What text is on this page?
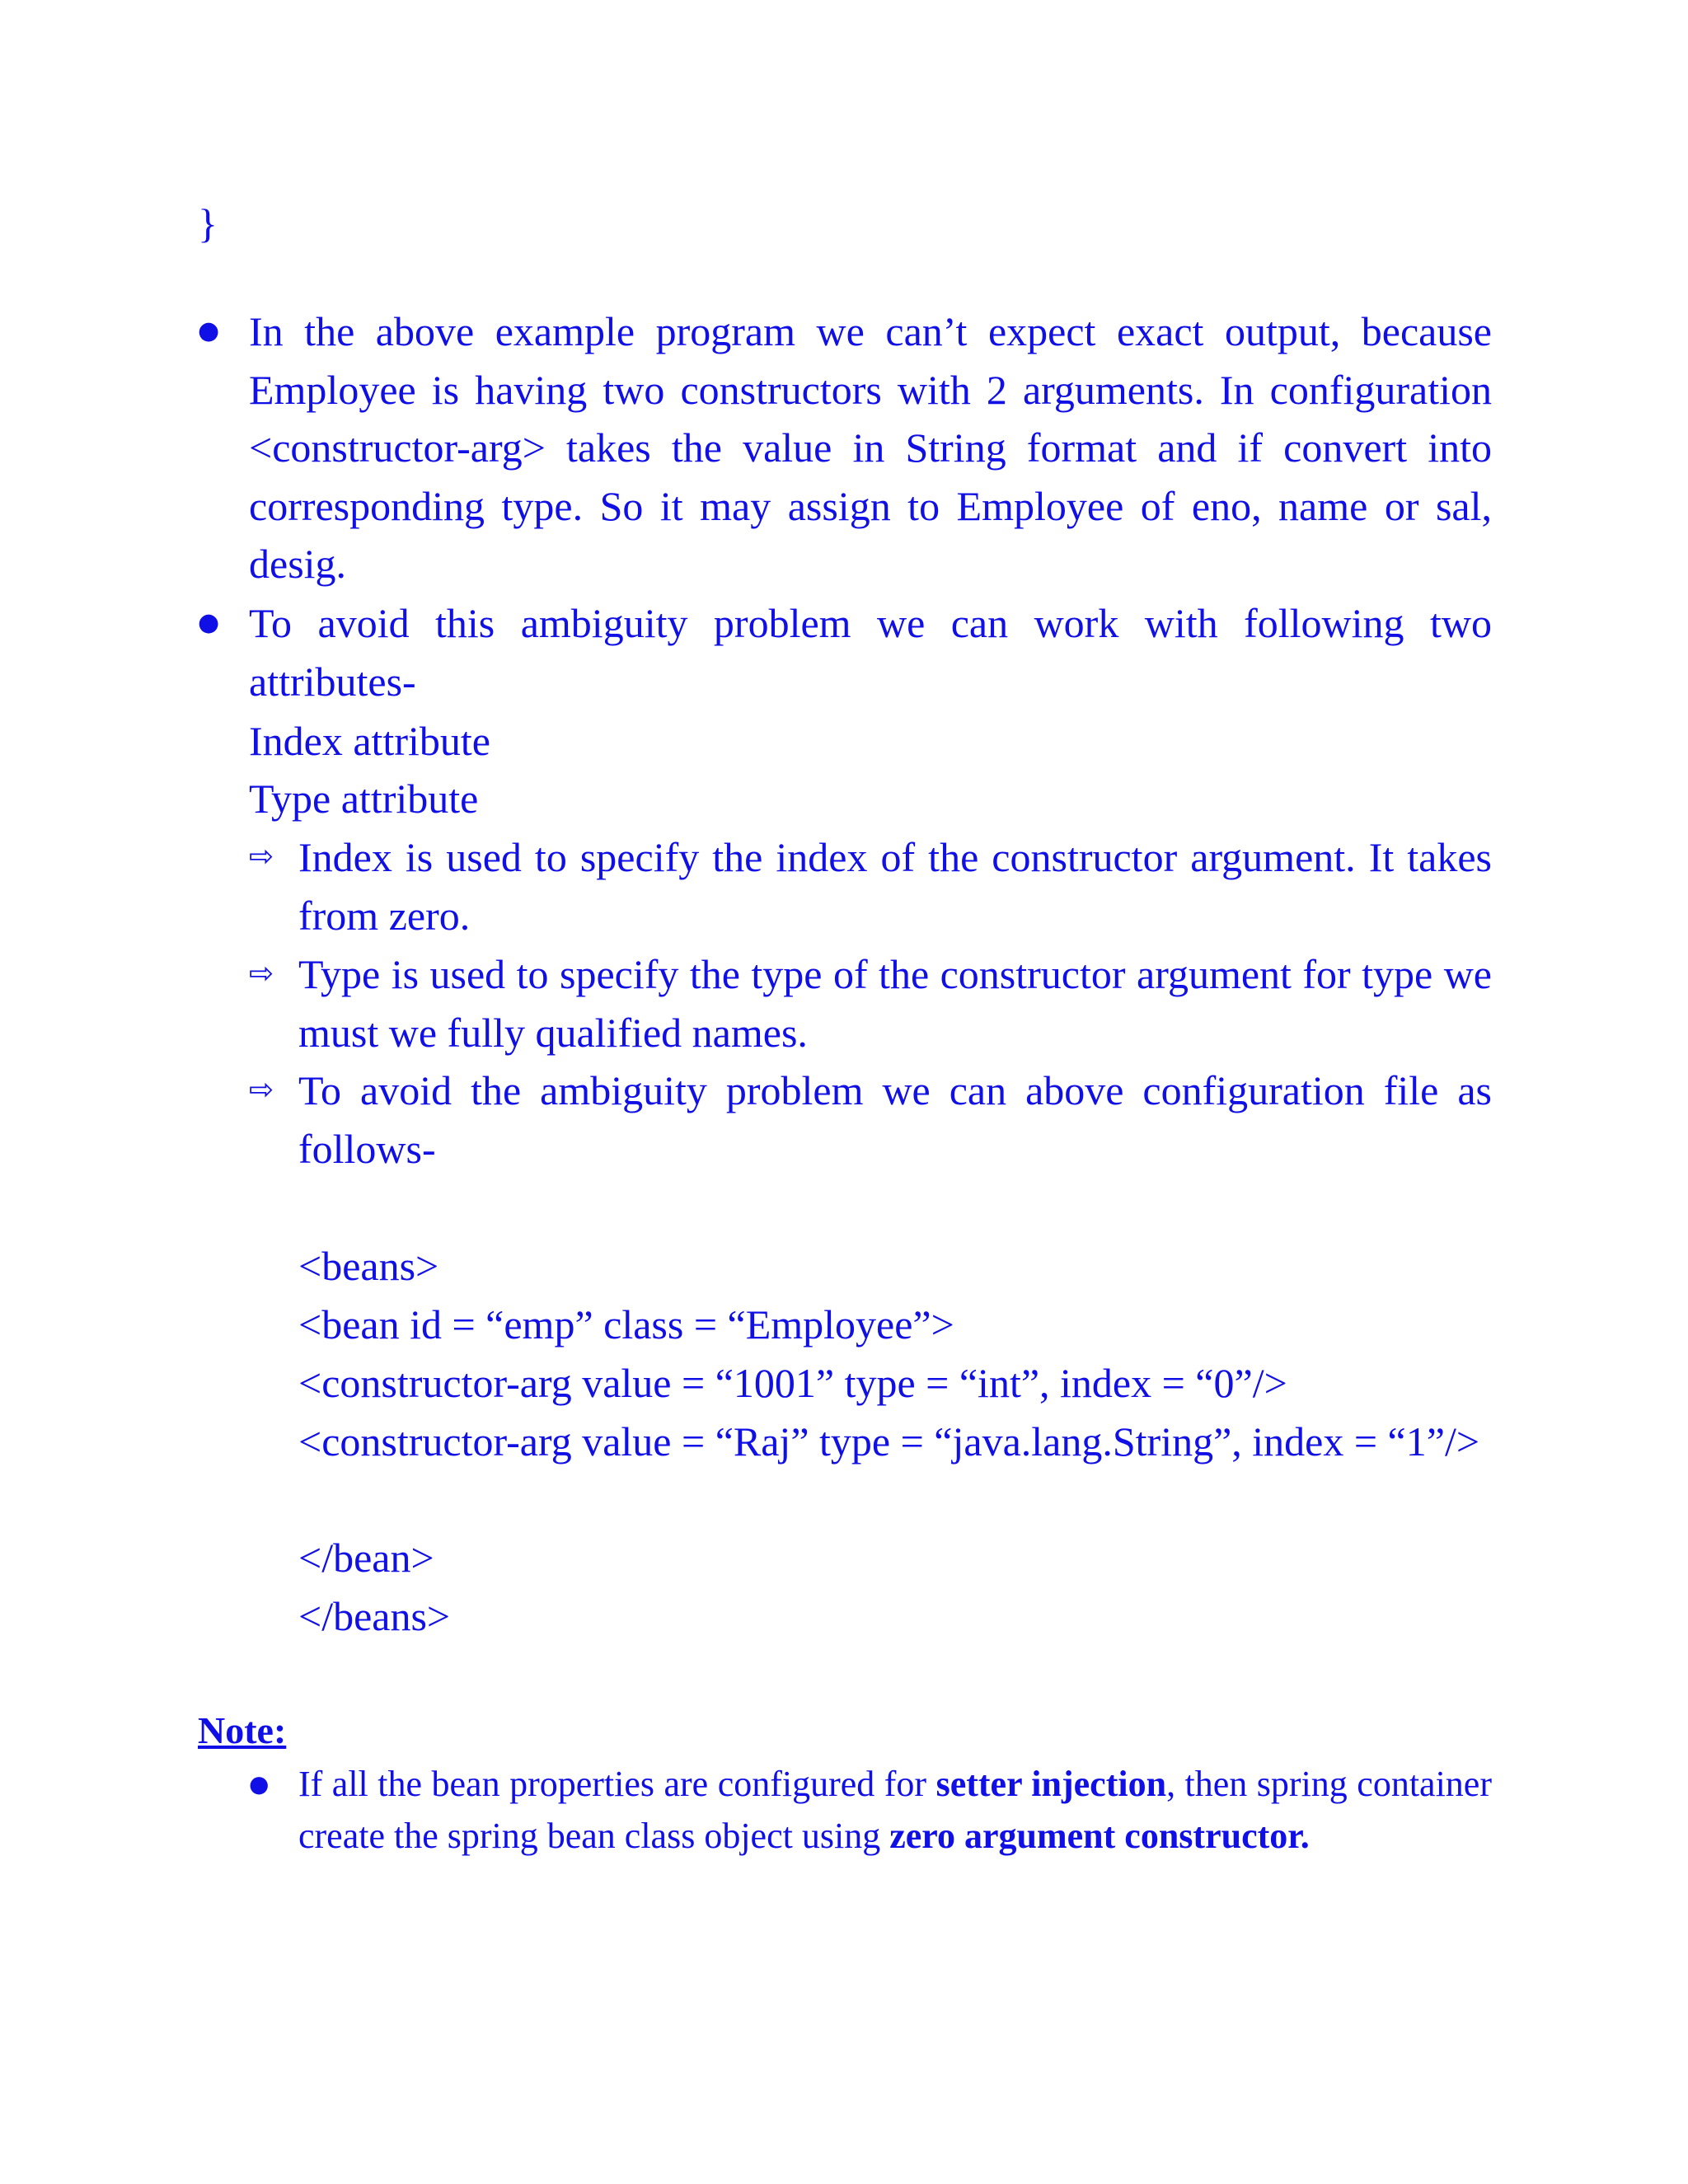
}
● In the above example program we can’t expect exact output, because Employee is having two constructors with 2 arguments. In configuration <constructor-arg> takes the value in String format and if convert into corresponding type. So it may assign to Employee of eno, name or sal, desig.
● To avoid this ambiguity problem we can work with following two attributes-
Index attribute
Type attribute
⇨ Index is used to specify the index of the constructor argument. It takes from zero.
⇨ Type is used to specify the type of the constructor argument for type we must we fully qualified names.
⇨ To avoid the ambiguity problem we can above configuration file as follows-
<beans>
<bean id = “emp” class = “Employee”>
<constructor-arg value = “1001” type = “int”, index = “0”/>
<constructor-arg value = “Raj” type = “java.lang.String”, index = “1”/>
</bean>
</beans>
Note:
● If all the bean properties are configured for setter injection, then spring container create the spring bean class object using zero argument constructor.
